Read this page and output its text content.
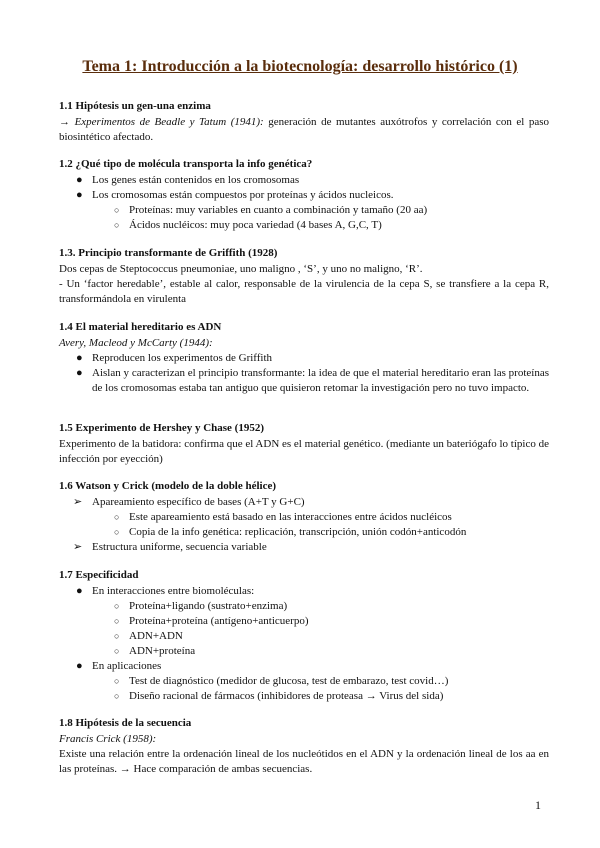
Tema 1: Introducción a la biotecnología: desarrollo histórico (1)
1.1 Hipótesis un gen-una enzima

→ Experimentos de Beadle y Tatum (1941): generación de mutantes auxótrofos y correlación con el paso biosintético afectado.

1.2 ¿Qué tipo de molécula transporta la info genética?
● Los genes están contenidos en los cromosomas
● Los cromosomas están compuestos por proteínas y ácidos nucleicos.
○ Proteínas: muy variables en cuanto a combinación y tamaño (20 aa)
○ Ácidos nucléicos: muy poca variedad (4 bases A, G,C, T)
1.3. Principio transformante de Griffith (1928)

Dos cepas de Steptococcus pneumoniae, uno maligno , ‘S’, y uno no maligno, ‘R’.

- Un ‘factor heredable’, estable al calor, responsable de la virulencia de la cepa S, se transfiere a la cepa R, transformándola en virulenta

1.4 El material hereditario es ADN

Avery, Macleod y McCarty (1944):

● Reproducen los experimentos de Griffith
● Aislan y caracterizan el principio transformante: la idea de que el material hereditario eran las proteínas de los cromosomas estaba tan antiguo que quisieron retomar la investigación pero no tuvo impacto.
1.5 Experimento de Hershey y Chase (1952)

Experimento de la batidora: confirma que el ADN es el material genético. (mediante un bateriógafo lo típico de infección por eyección)

1.6 Watson y Crick (modelo de la doble hélice)
➢ Apareamiento específico de bases (A+T y G+C)
○ Este apareamiento está basado en las interacciones entre ácidos nucléicos
○ Copia de la info genética: replicación, transcripción, unión codón+anticodón
➢ Estructura uniforme, secuencia variable
1.7 Especificidad
● En interacciones entre biomoléculas:
○ Proteína+ligando (sustrato+enzima)
○ Proteína+proteína (antígeno+anticuerpo)
○ ADN+ADN
○ ADN+proteína
● En aplicaciones
○ Test de diagnóstico (medidor de glucosa, test de embarazo, test covid…)
○ Diseño racional de fármacos (inhibidores de proteasa → Virus del sida)
1.8 Hipótesis de la secuencia

Francis Crick (1958):

Existe una relación entre la ordenación lineal de los nucleótidos en el ADN y la ordenación lineal de los aa en las proteínas. → Hace comparación de ambas secuencias.

1
